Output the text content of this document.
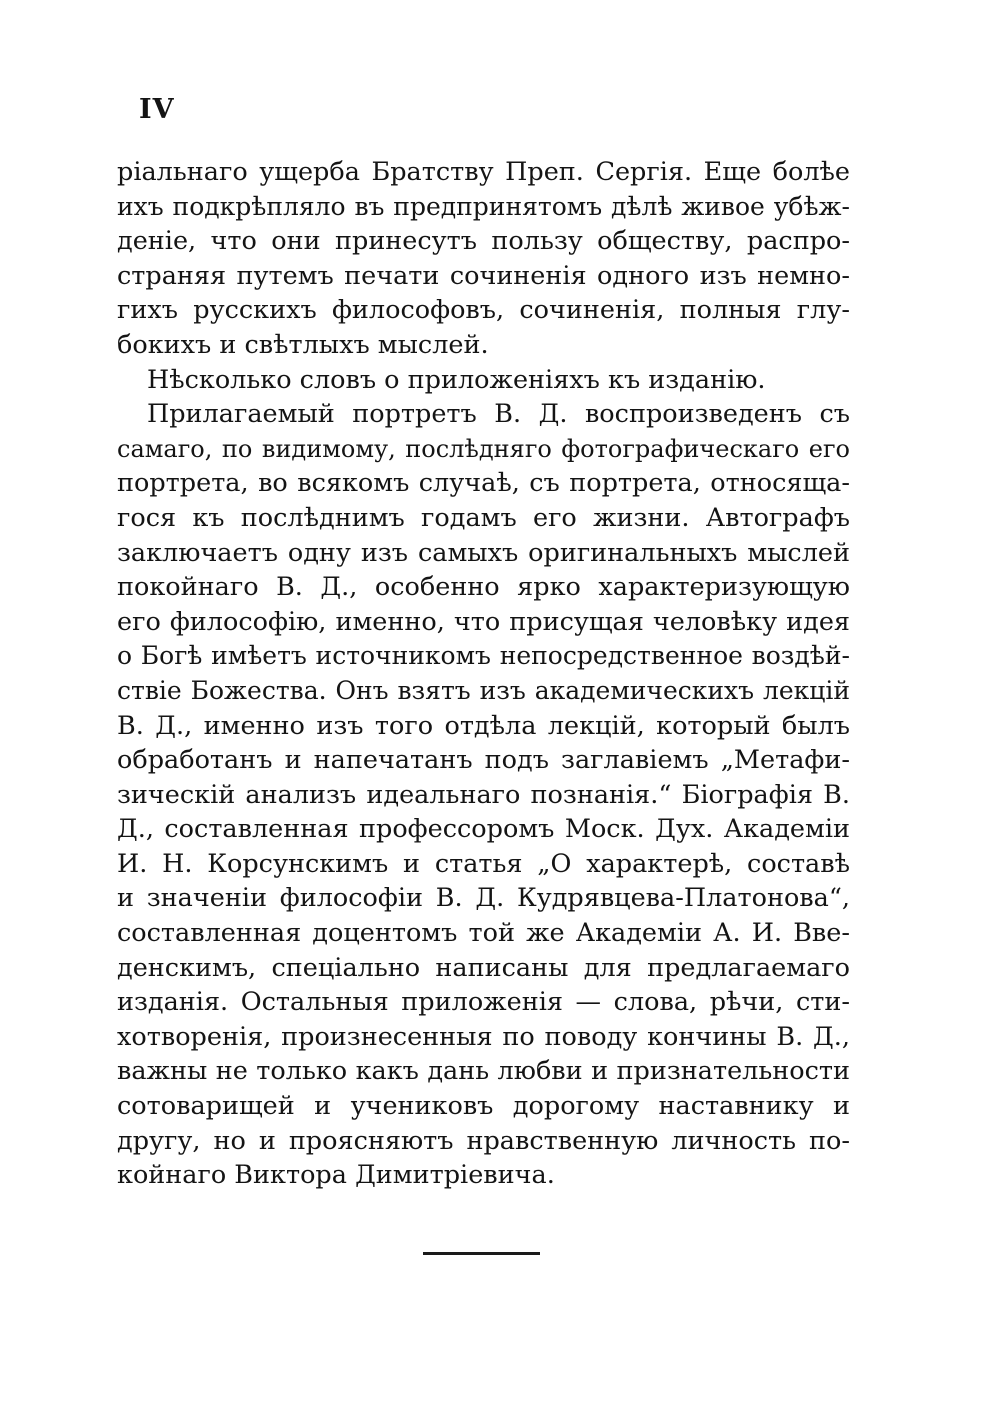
IV
ріальнаго ущерба Братству Преп. Сергія. Еще болѣе
ихъ подкрѣпляло въ предпринятомъ дѣлѣ живое убѣж-
деніе, что они принесутъ пользу обществу, распро-
страняя путемъ печати сочиненія одного изъ немно-
гихъ русскихъ философовъ, сочиненія, полныя глу-
бокихъ и свѣтлыхъ мыслей.
Нѣсколько словъ о приложеніяхъ къ изданію.
Прилагаемый портретъ В. Д. воспроизведенъ съ
самаго, по видимому, послѣдняго фотографическаго его
портрета, во всякомъ случаѣ, съ портрета, относяща-
гося къ послѣднимъ годамъ его жизни. Автографъ
заключаетъ одну изъ самыхъ оригинальныхъ мыслей
покойнаго В. Д., особенно ярко характеризующую
его философію, именно, что присущая человѣку идея
о Богѣ имѣетъ источникомъ непосредственное воздѣй-
ствіе Божества. Онъ взятъ изъ академическихъ лекцій
В. Д., именно изъ того отдѣла лекцій, который былъ
обработанъ и напечатанъ подъ заглавіемъ „Метафи-
зическій анализъ идеальнаго познанія.“ Біографія В.
Д., составленная профессоромъ Моск. Дух. Академіи
И. Н. Корсунскимъ и статья „О характерѣ, составѣ
и значеніи философіи В. Д. Кудрявцева-Платонова“,
составленная доцентомъ той же Академіи А. И. Вве-
денскимъ, спеціально написаны для предлагаемаго
изданія. Остальныя приложенія — слова, рѣчи, сти-
хотворенія, произнесенныя по поводу кончины В. Д.,
важны не только какъ дань любви и признательности
сотоварищей и учениковъ дорогому наставнику и
другу, но и проясняютъ нравственную личность по-
койнаго Виктора Димитріевича.
